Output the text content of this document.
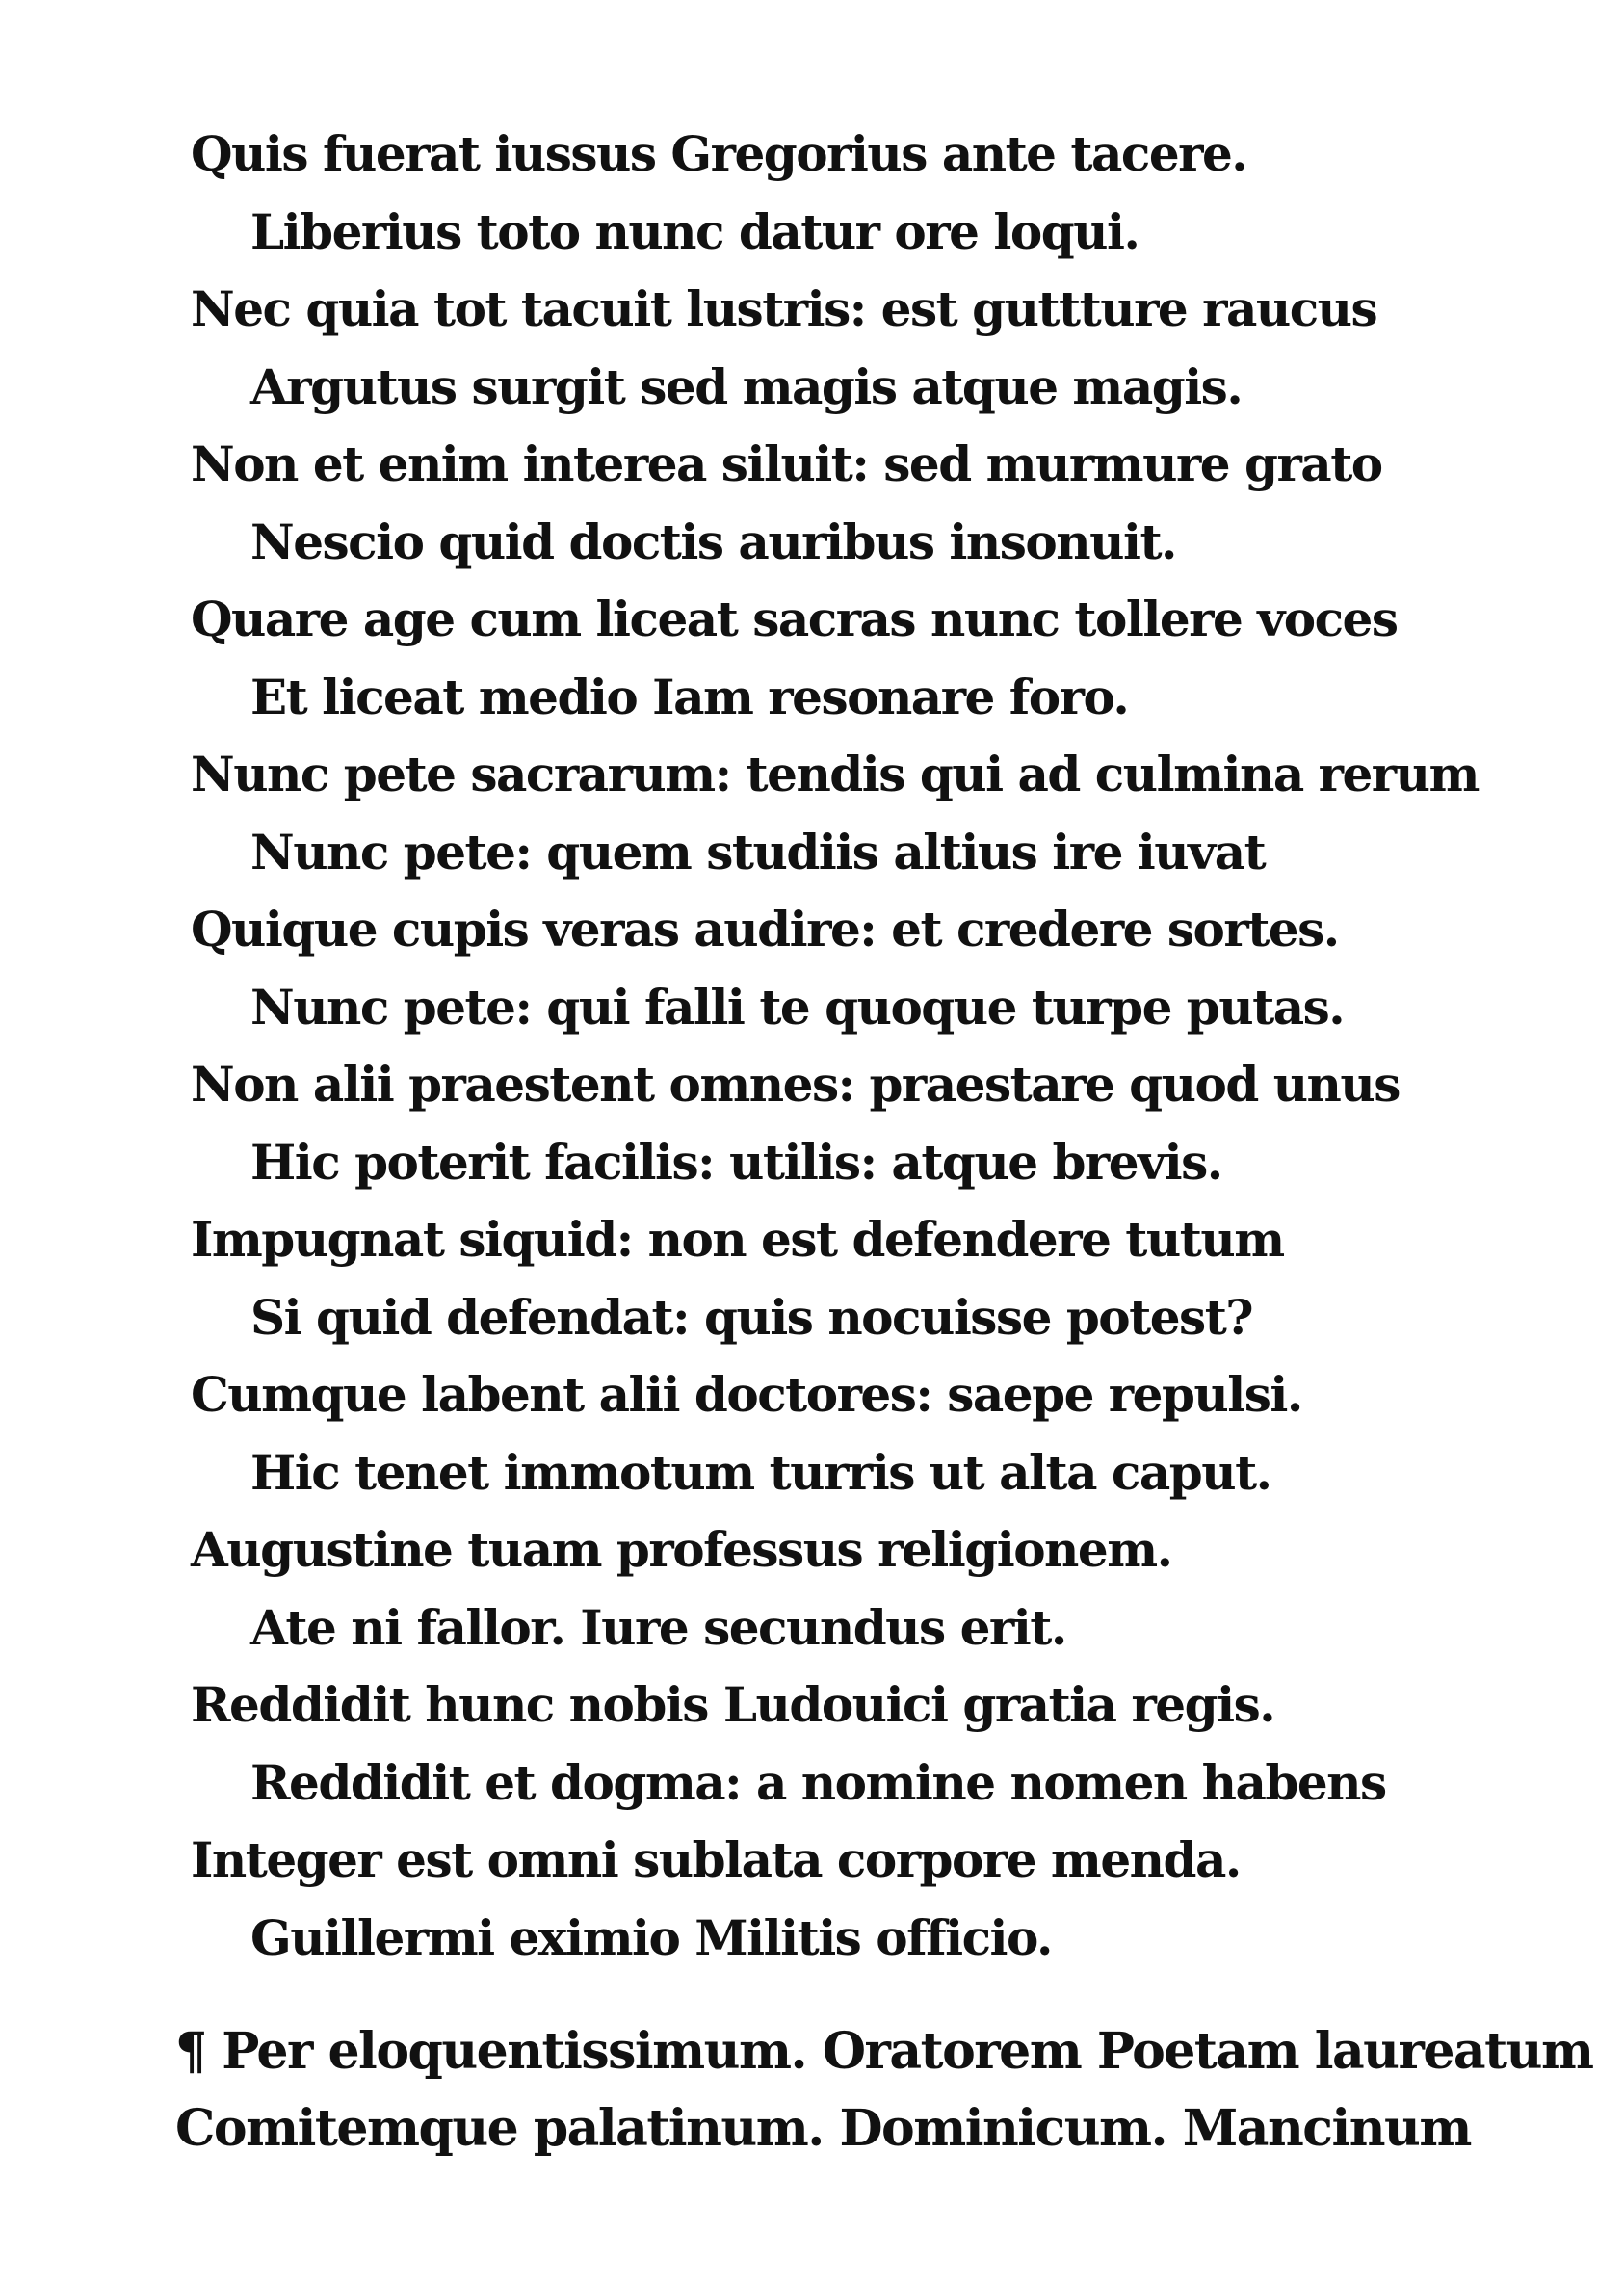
Quis fuerat iussus Gregorius ante tacere.
Liberius toto nunc datur ore loqui.
Nec quia tot tacuit lustris: est guttture raucus
Argutus surgit sed magis atque magis.
Non et enim interea siluit: sed murmure grato
Nescio quid doctis auribus insonuit.
Quare age cum liceat sacras nunc tollere voces
Et liceat medio Iam resonare foro.
Nunc pete sacrarum: tendis qui ad culmina rerum
Nunc pete: quem studiis altius ire iuvat
Quique cupis veras audire: et credere sortes.
Nunc pete: qui falli te quoque turpe putas.
Non alii praestent omnes: praestare quod unus
Hic poterit facilis: utilis: atque brevis.
Impugnat siquid: non est defendere tutum
Si quid defendat: quis nocuisse potest?
Cumque labent alii doctores: saepe repulsi.
Hic tenet immotum turris ut alta caput.
Augustine tuam professus religionem.
Ate ni fallor. Iure secundus erit.
Reddidit hunc nobis Ludouici gratia regis.
Reddidit et dogma: a nomine nomen habens
Integer est omni sublata corpore menda.
Guillermi eximio Militis officio.
¶ Per eloquentissimum. Oratorem Poetam laureatum
Comitemque palatinum. Dominicum. Mancinum
